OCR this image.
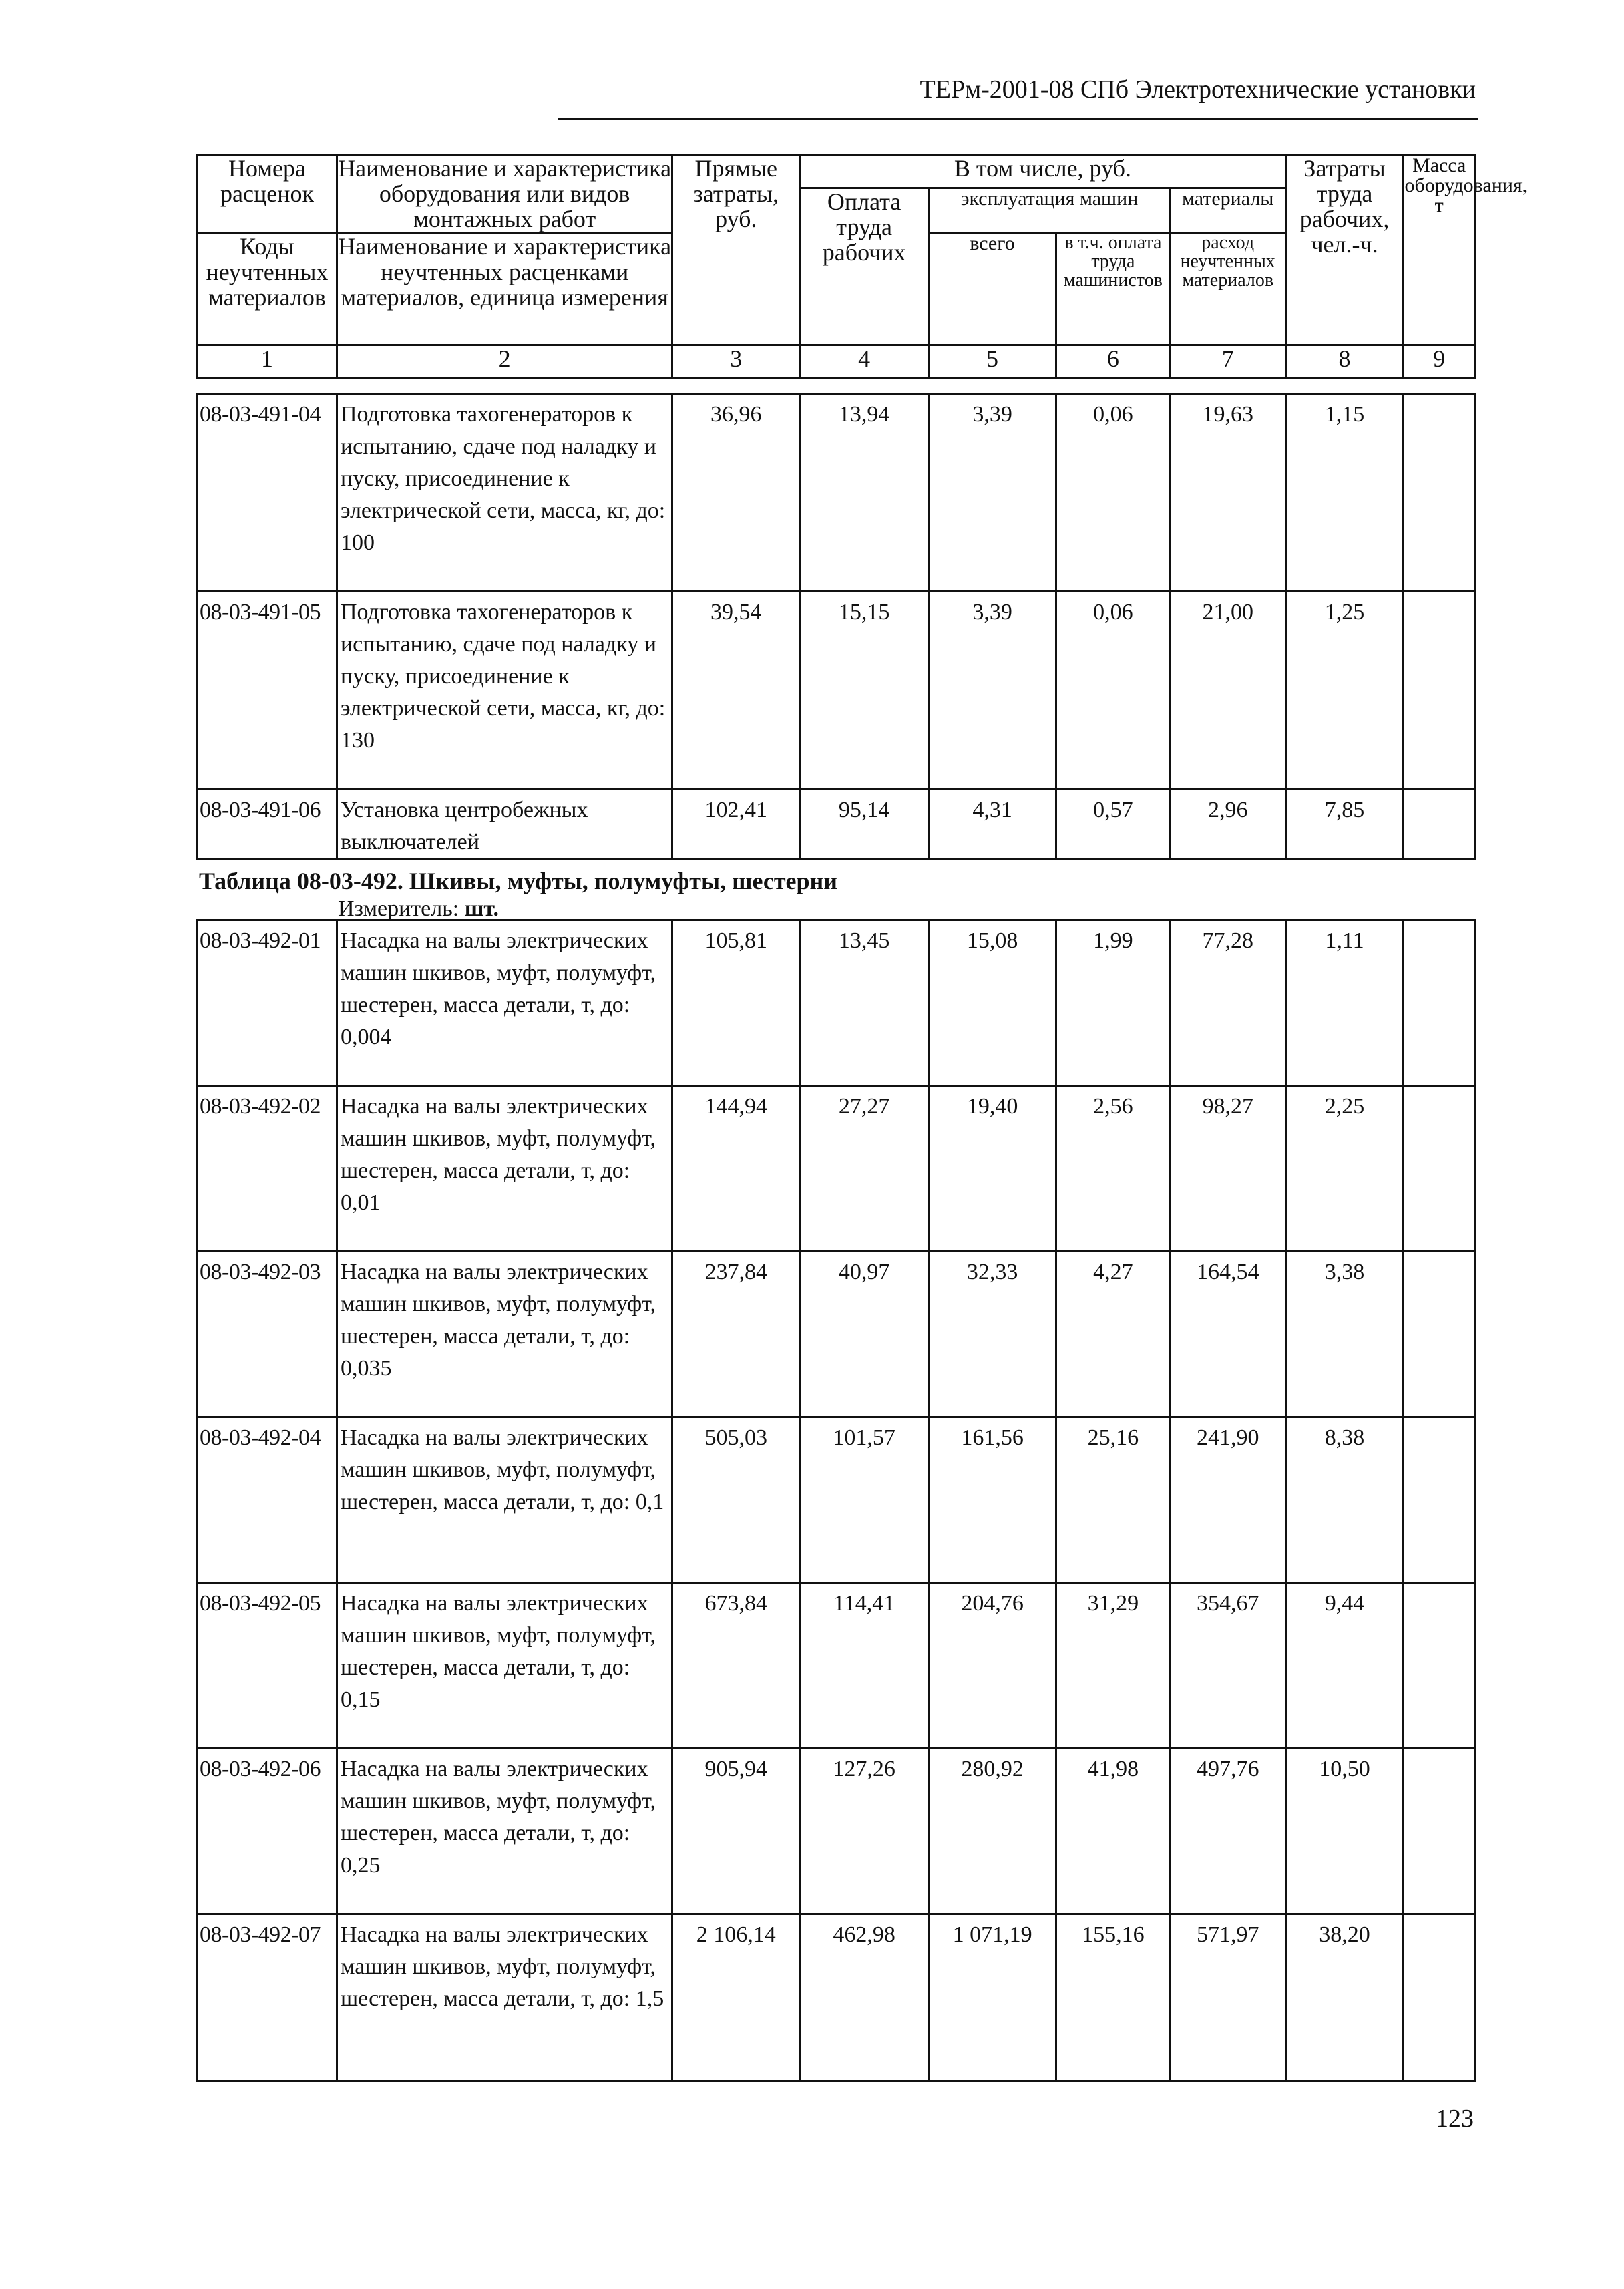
ТЕРм-2001-08 СПб Электротехнические установки
Номера расценок	Наименование и характеристика оборудования или видов монтажных работ	Прямые затраты, руб.	В том числе, руб.				Затраты труда рабочих, чел.-ч.	Масса оборудования, т
			Оплата труда рабочих	эксплуатация машин		материалы		
Коды неучтенных материалов	Наименование и характеристика неучтенных расценками материалов, единица измерения			всего	в т.ч. оплата труда машинистов	расход неучтенных материалов		

1	2	3	4	5	6	7	8	9
08-03-491-04	Подготовка тахогенераторов к испытанию, сдаче под наладку и пуску, присоединение к электрической сети, масса, кг, до: 100	36,96	13,94	3,39	0,06	19,63	1,15	
08-03-491-05	Подготовка тахогенераторов к испытанию, сдаче под наладку и пуску, присоединение к электрической сети, масса, кг, до: 130	39,54	15,15	3,39	0,06	21,00	1,25	
08-03-491-06	Установка центробежных выключателей	102,41	95,14	4,31	0,57	2,96	7,85	
Таблица 08-03-492. Шкивы, муфты, полумуфты, шестерни
Измеритель: шт.
08-03-492-01	Насадка на валы электрических машин шкивов, муфт, полумуфт, шестерен, масса детали, т, до: 0,004	105,81	13,45	15,08	1,99	77,28	1,11	
08-03-492-02	Насадка на валы электрических машин шкивов, муфт, полумуфт, шестерен, масса детали, т, до: 0,01	144,94	27,27	19,40	2,56	98,27	2,25	
08-03-492-03	Насадка на валы электрических машин шкивов, муфт, полумуфт, шестерен, масса детали, т, до: 0,035	237,84	40,97	32,33	4,27	164,54	3,38	
08-03-492-04	Насадка на валы электрических машин шкивов, муфт, полумуфт, шестерен, масса детали, т, до: 0,1	505,03	101,57	161,56	25,16	241,90	8,38	
08-03-492-05	Насадка на валы электрических машин шкивов, муфт, полумуфт, шестерен, масса детали, т, до: 0,15	673,84	114,41	204,76	31,29	354,67	9,44	
08-03-492-06	Насадка на валы электрических машин шкивов, муфт, полумуфт, шестерен, масса детали, т, до: 0,25	905,94	127,26	280,92	41,98	497,76	10,50	
08-03-492-07	Насадка на валы электрических машин шкивов, муфт, полумуфт, шестерен, масса детали, т, до: 1,5	2 106,14	462,98	1 071,19	155,16	571,97	38,20	
123
